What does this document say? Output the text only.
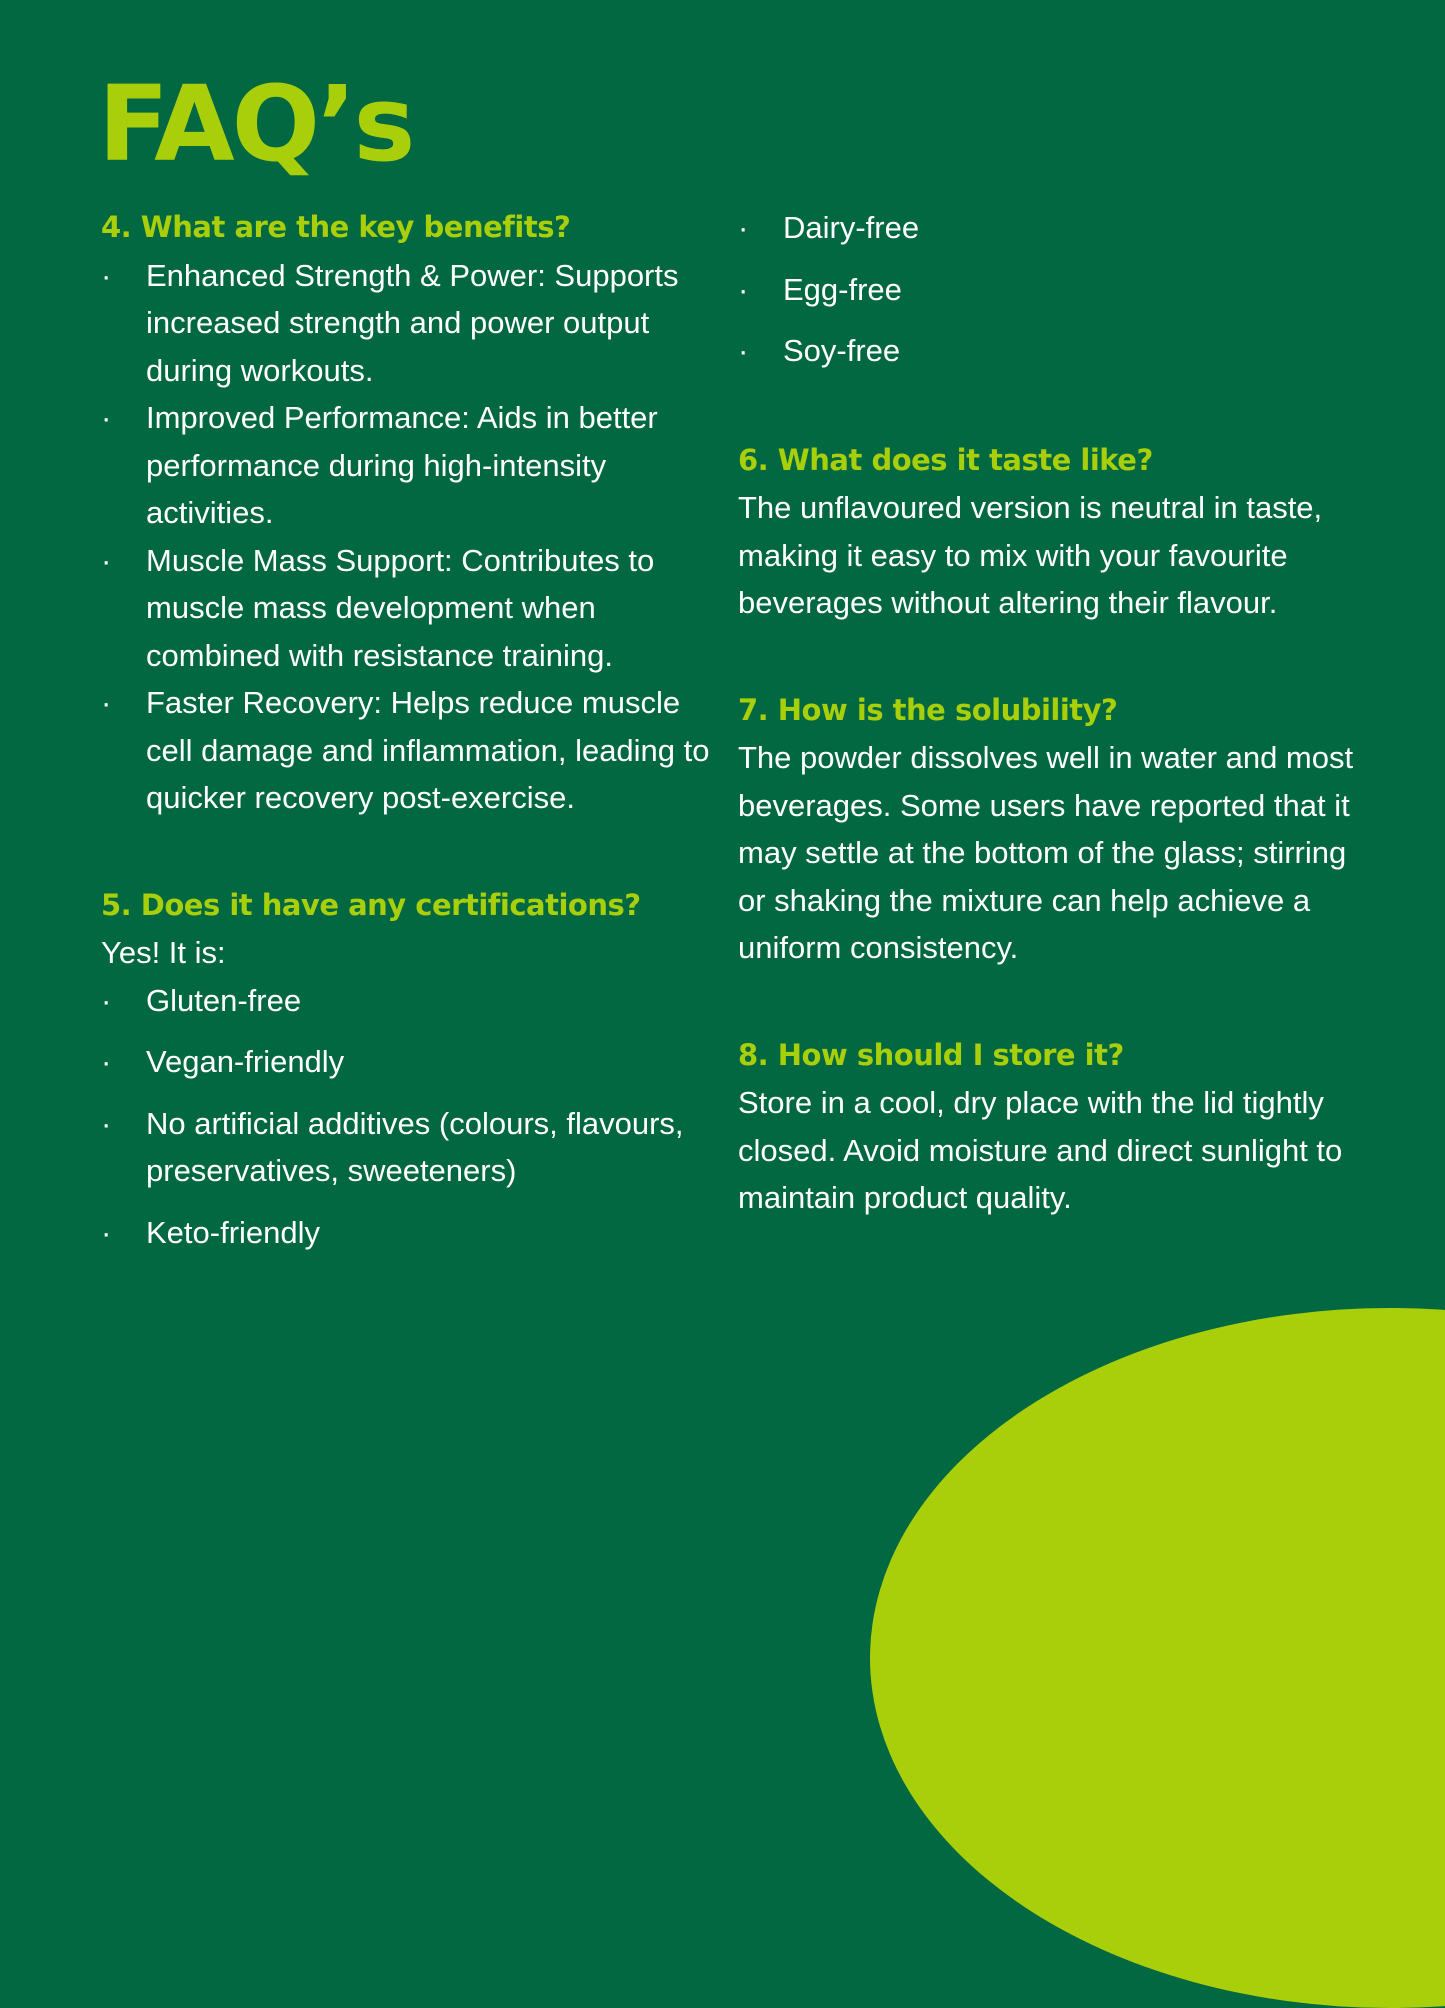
FAQ’s
4. What are the key benefits?
· Enhanced Strength & Power: Supports increased strength and power output during workouts.
· Improved Performance: Aids in better performance during high-intensity activities.
· Muscle Mass Support: Contributes to muscle mass development when combined with resistance training.
· Faster Recovery: Helps reduce muscle cell damage and inflammation, leading to quicker recovery post-exercise.
5. Does it have any certifications?

Yes! It is:

· Gluten-free
· Vegan-friendly
· No artificial additives (colours, flavours, preservatives, sweeteners)
· Keto-friendly
· Dairy-free
· Egg-free
· Soy-free
6. What does it taste like?

The unflavoured version is neutral in taste, making it easy to mix with your favourite beverages without altering their flavour.

7. How is the solubility?

The powder dissolves well in water and most beverages. Some users have reported that it may settle at the bottom of the glass; stirring or shaking the mixture can help achieve a uniform consistency.

8. How should I store it?

Store in a cool, dry place with the lid tightly closed. Avoid moisture and direct sunlight to maintain product quality.
